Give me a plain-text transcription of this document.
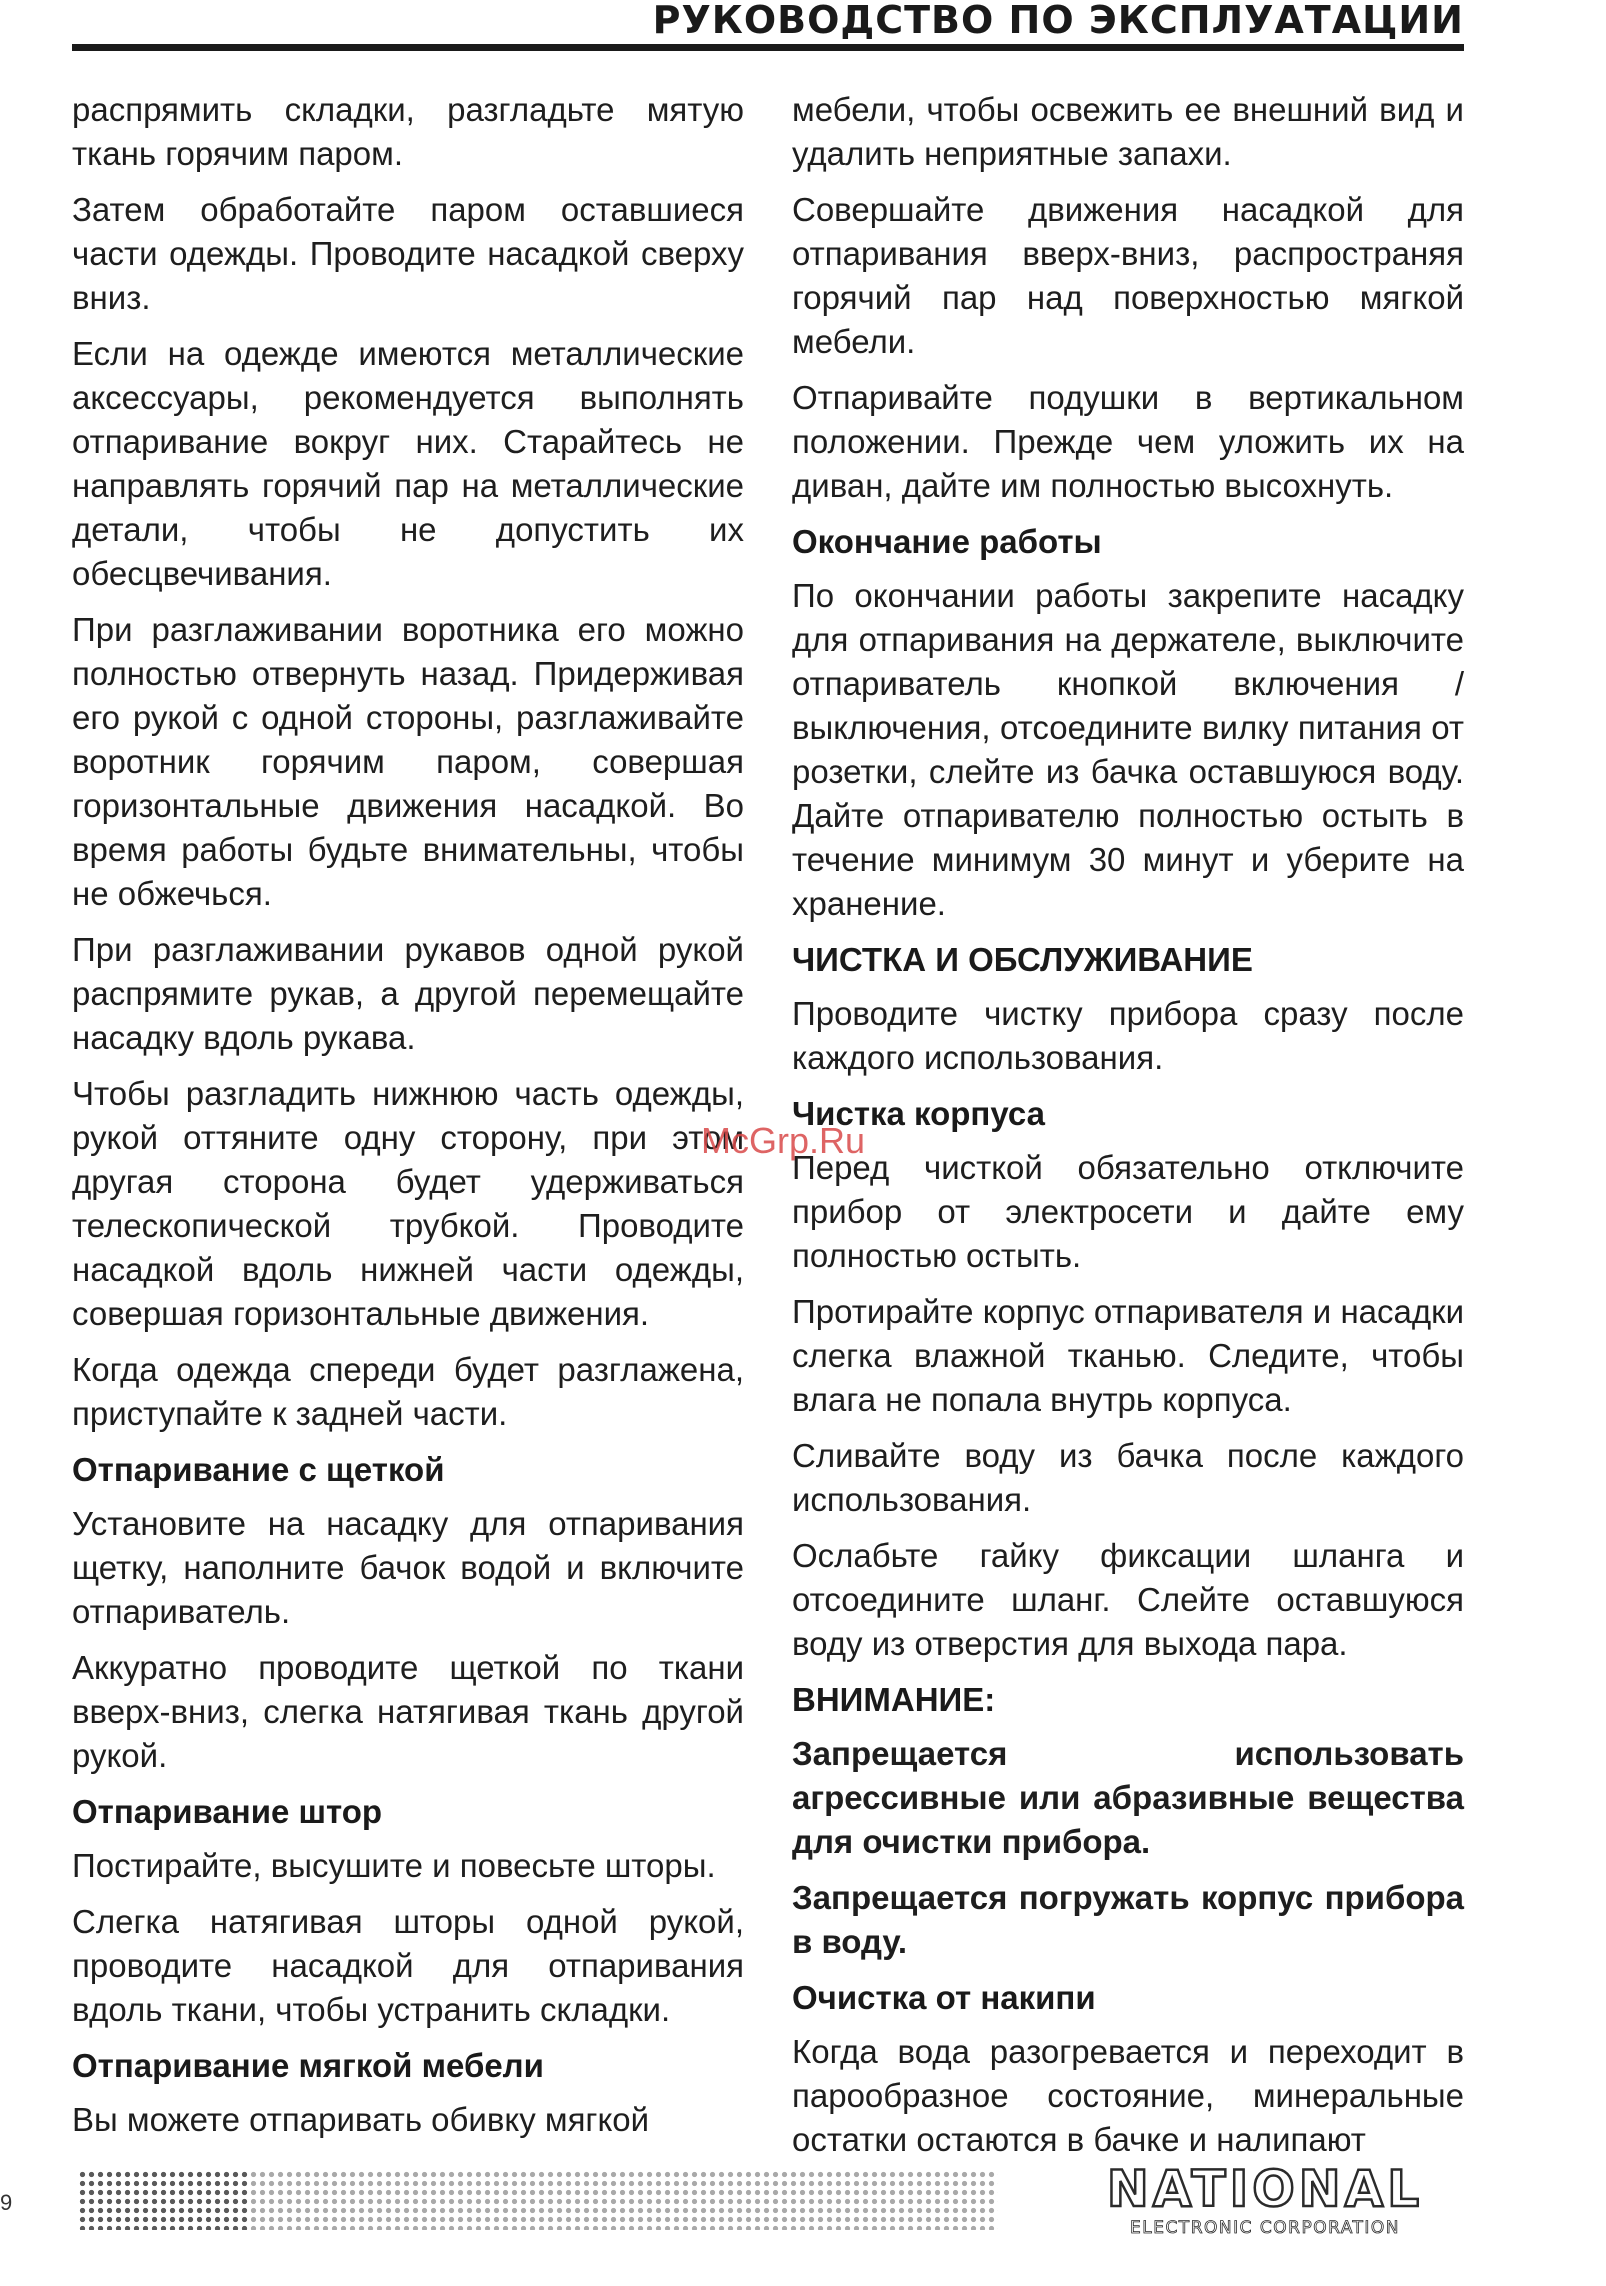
РУКОВОДСТВО ПО ЭКСПЛУАТАЦИИ

распрямить складки, разгладьте мятую ткань горячим паром.

Затем обработайте паром оставшиеся части одежды. Проводите насадкой сверху вниз.

Если на одежде имеются металлические аксессуары, рекомендуется выполнять отпаривание вокруг них. Старайтесь не направлять горячий пар на металлические детали, чтобы не допустить их обесцвечивания.

При разглаживании воротника его можно полностью отвернуть назад. Придерживая его рукой с одной стороны, разглаживайте воротник горячим паром, совершая горизонтальные движения насадкой. Во время работы будьте внимательны, чтобы не обжечься.

При разглаживании рукавов одной рукой распрямите рукав, а другой перемещайте насадку вдоль рукава.

Чтобы разгладить нижнюю часть одежды, рукой оттяните одну сторону, при этом другая сторона будет удерживаться телескопической трубкой. Проводите насадкой вдоль нижней части одежды, совершая горизонтальные движения.

Когда одежда спереди будет разглажена, приступайте к задней части.

Отпаривание с щеткой

Установите на насадку для отпаривания щетку, наполните бачок водой и включите отпариватель.

Аккуратно проводите щеткой по ткани вверх-вниз, слегка натягивая ткань другой рукой.

Отпаривание штор

Постирайте, высушите и повесьте шторы.

Слегка натягивая шторы одной рукой, проводите насадкой для отпаривания вдоль ткани, чтобы устранить складки.

Отпаривание мягкой мебели

Вы можете отпаривать обивку мягкой

мебели, чтобы освежить ее внешний вид и удалить неприятные запахи.

Совершайте движения насадкой для отпаривания вверх-вниз, распространяя горячий пар над поверхностью мягкой мебели.

Отпаривайте подушки в вертикальном положении. Прежде чем уложить их на диван, дайте им полностью высохнуть.

Окончание работы

По окончании работы закрепите насадку для отпаривания на держателе, выключите отпариватель кнопкой включения / выключения, отсоедините вилку питания от розетки, слейте из бачка оставшуюся воду. Дайте отпаривателю полностью остыть в течение минимум 30 минут и уберите на хранение.

ЧИСТКА И ОБСЛУЖИВАНИЕ

Проводите чистку прибора сразу после каждого использования.

Чистка корпуса

Перед чисткой обязательно отключите прибор от электросети и дайте ему полностью остыть.

Протирайте корпус отпаривателя и насадки слегка влажной тканью. Следите, чтобы влага не попала внутрь корпуса.

Сливайте воду из бачка после каждого использования.

Ослабьте гайку фиксации шланга и отсоедините шланг. Слейте оставшуюся воду из отверстия для выхода пара.

ВНИМАНИЕ:

Запрещается использовать агрессивные или абразивные вещества для очистки прибора.

Запрещается погружать корпус прибора в воду.

Очистка от накипи

Когда вода разогревается и переходит в парообразное состояние, минеральные остатки остаются в бачке и налипают

McGrp.Ru
9	NATIONAL
ELECTRONIC CORPORATION
